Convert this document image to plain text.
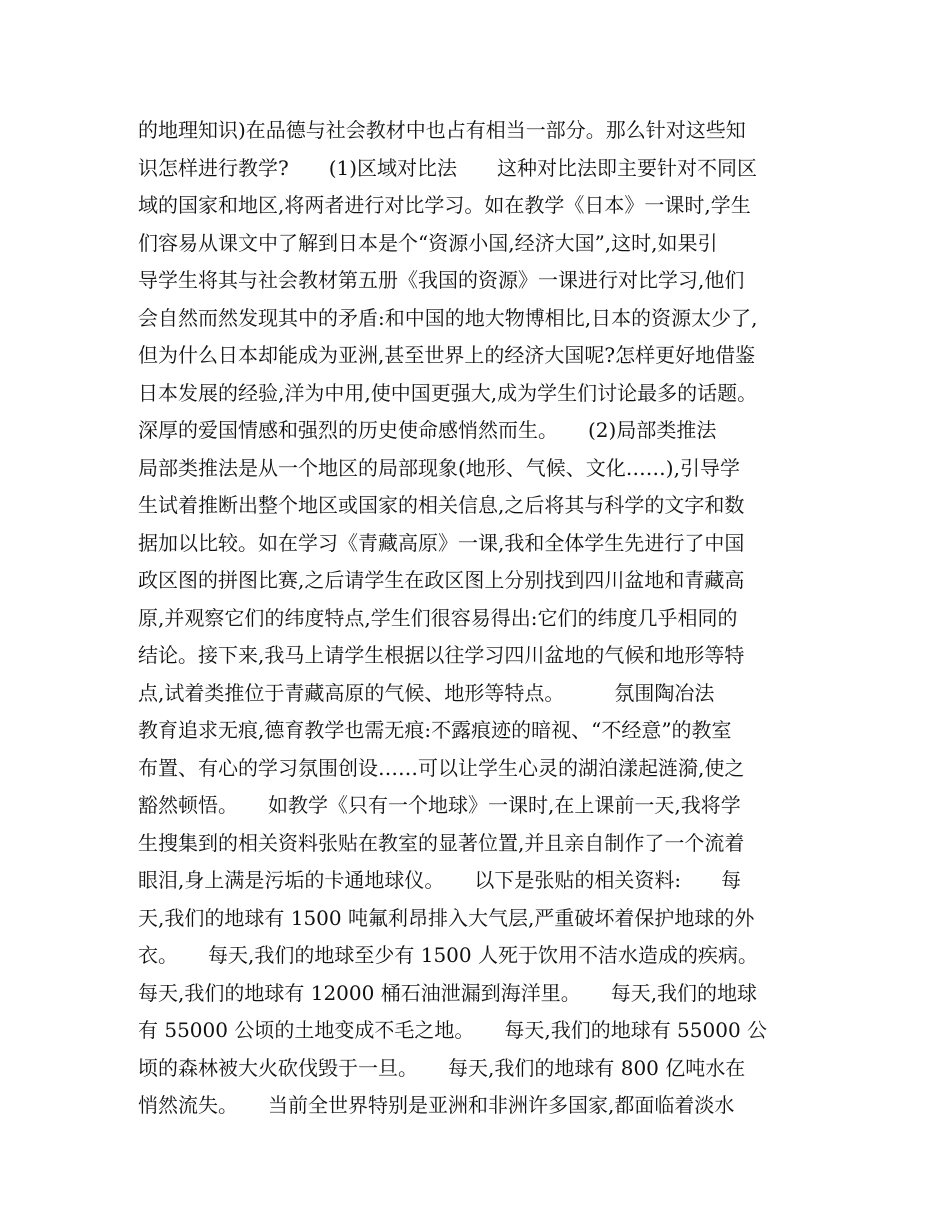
的地理知识)在品德与社会教材中也占有相当一部分。那么针对这些知
识怎样进行教学?　　(1)区域对比法　　这种对比法即主要针对不同区
域的国家和地区,将两者进行对比学习。如在教学《日本》一课时,学生
们容易从课文中了解到日本是个“资源小国,经济大国”,这时,如果引
导学生将其与社会教材第五册《我国的资源》一课进行对比学习,他们
会自然而然发现其中的矛盾:和中国的地大物博相比,日本的资源太少了,
但为什么日本却能成为亚洲,甚至世界上的经济大国呢?怎样更好地借鉴
日本发展的经验,洋为中用,使中国更强大,成为学生们讨论最多的话题。
深厚的爱国情感和强烈的历史使命感悄然而生。　　(2)局部类推法
局部类推法是从一个地区的局部现象(地形、气候、文化……),引导学
生试着推断出整个地区或国家的相关信息,之后将其与科学的文字和数
据加以比较。如在学习《青藏高原》一课,我和全体学生先进行了中国
政区图的拼图比赛,之后请学生在政区图上分别找到四川盆地和青藏高
原,并观察它们的纬度特点,学生们很容易得出:它们的纬度几乎相同的
结论。接下来,我马上请学生根据以往学习四川盆地的气候和地形等特
点,试着类推位于青藏高原的气候、地形等特点。　　　氛围陶冶法
教育追求无痕,德育教学也需无痕:不露痕迹的暗视、“不经意”的教室
布置、有心的学习氛围创设……可以让学生心灵的湖泊漾起涟漪,使之
豁然顿悟。　　如教学《只有一个地球》一课时,在上课前一天,我将学
生搜集到的相关资料张贴在教室的显著位置,并且亲自制作了一个流着
眼泪,身上满是污垢的卡通地球仪。　　以下是张贴的相关资料:　　每
天,我们的地球有 1500 吨氟利昂排入大气层,严重破坏着保护地球的外
衣。　　每天,我们的地球至少有 1500 人死于饮用不洁水造成的疾病。
每天,我们的地球有 12000 桶石油泄漏到海洋里。　　每天,我们的地球
有 55000 公顷的土地变成不毛之地。　　每天,我们的地球有 55000 公
顷的森林被大火砍伐毁于一旦。　　每天,我们的地球有 800 亿吨水在
悄然流失。　　当前全世界特别是亚洲和非洲许多国家,都面临着淡水
